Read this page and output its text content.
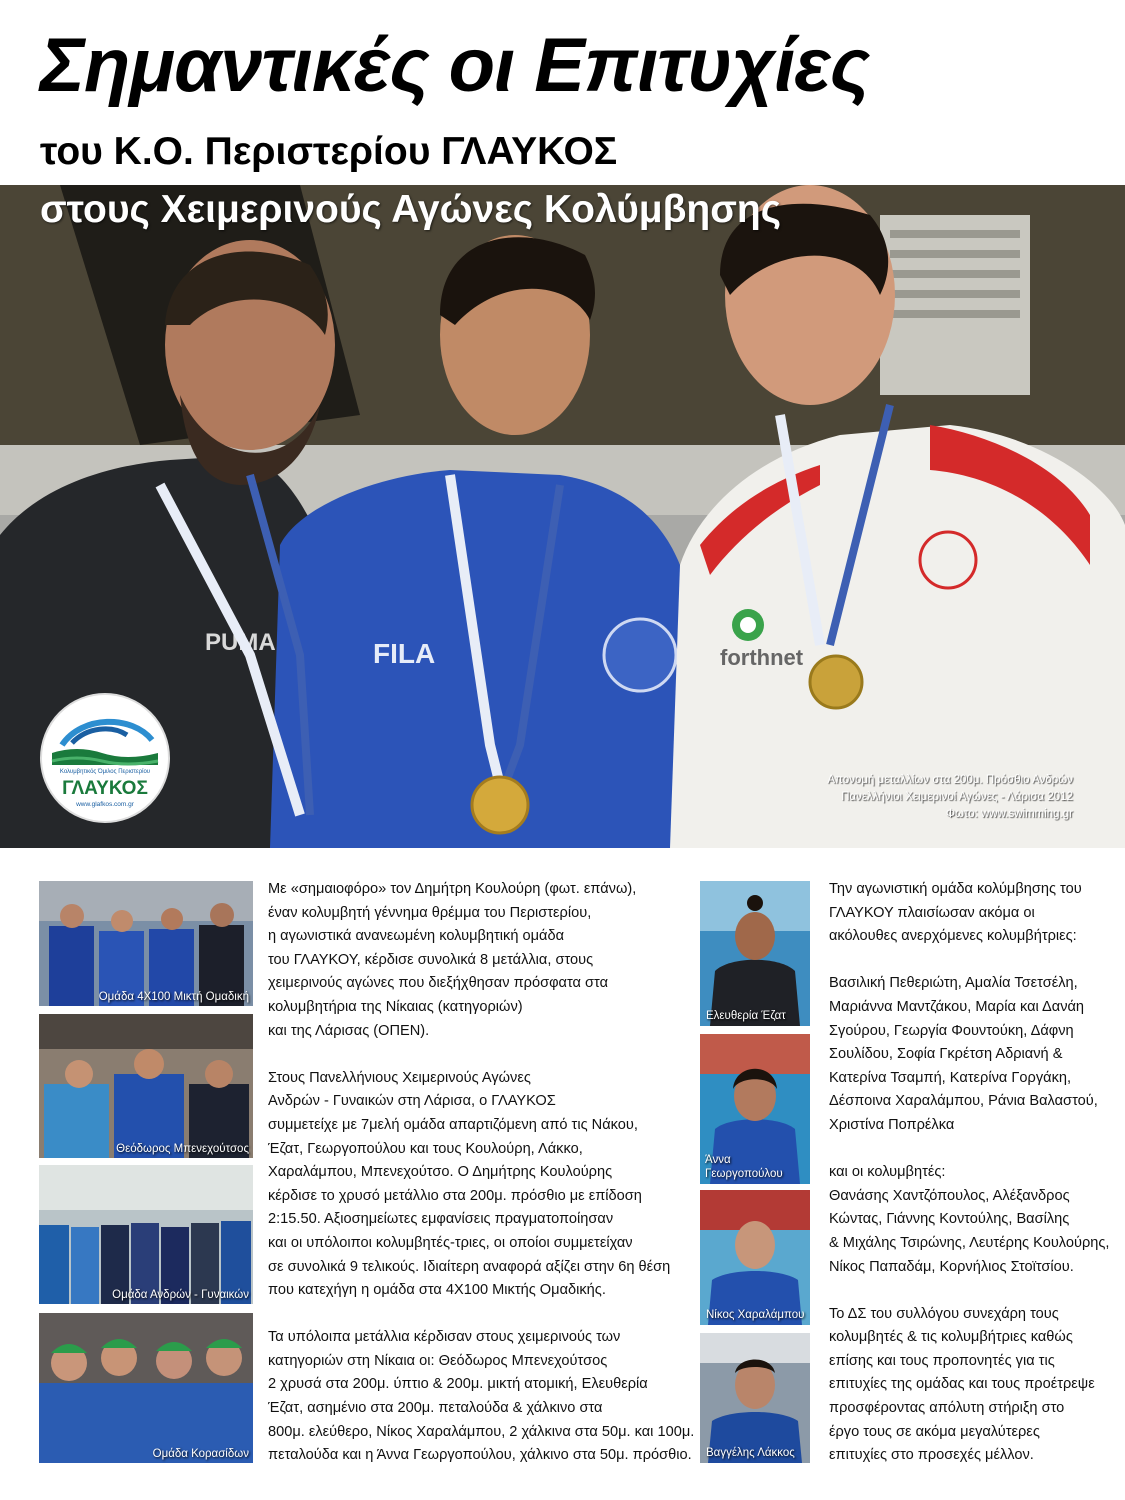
Σημαντικές οι Επιτυχίες
του Κ.Ο. Περιστερίου ΓΛΑΥΚΟΣ
PUMA	FILA	forthnet
στους Χειμερινούς Αγώνες Κολύμβησης
Κολυμβητικός Όμιλος Περιστερίου
ΓΛΑΥΚΟΣ
www.glafkos.com.gr
Απονομή μεταλλίων στα 200μ. Πρόσθιο Ανδρών
Πανελλήνιοι Χειμερινοί Αγώνες - Λάρισα 2012
Φωτο: www.swimming.gr
Ομάδα 4Χ100 Μικτή Ομαδική
Θεόδωρος Μπενεχούτσος
Ομάδα Ανδρών - Γυναικών
Ομάδα Κορασίδων
Με «σημαιοφόρο» τον Δημήτρη Κουλούρη (φωτ. επάνω),
έναν κολυμβητή γέννημα θρέμμα του Περιστερίου,
η αγωνιστικά ανανεωμένη κολυμβητική ομάδα
του ΓΛΑΥΚΟΥ, κέρδισε συνολικά 8 μετάλλια, στους
χειμερινούς αγώνες που διεξήχθησαν πρόσφατα στα
κολυμβητήρια της Νίκαιας (κατηγοριών)
και της Λάρισας (ΟΠΕΝ).
Στους Πανελλήνιους Χειμερινούς Αγώνες
Ανδρών - Γυναικών στη Λάρισα, ο ΓΛΑΥΚΟΣ
συμμετείχε με 7μελή ομάδα απαρτιζόμενη από τις Νάκου,
Έζατ, Γεωργοπούλου και τους Κουλούρη, Λάκκο,
Χαραλάμπου, Μπενεχούτσο. Ο Δημήτρης Κουλούρης
κέρδισε το χρυσό μετάλλιο στα 200μ. πρόσθιο με επίδοση
2:15.50. Αξιοσημείωτες εμφανίσεις πραγματοποίησαν
και οι υπόλοιποι κολυμβητές-τριες, οι οποίοι συμμετείχαν
σε συνολικά 9 τελικούς. Ιδιαίτερη αναφορά αξίζει στην 6η θέση
που κατεχήγη η ομάδα στα 4Χ100 Μικτής Ομαδικής.
Τα υπόλοιπα μετάλλια κέρδισαν στους χειμερινούς των
κατηγοριών στη Νίκαια οι: Θεόδωρος Μπενεχούτσος
2 χρυσά στα 200μ. ύπτιο & 200μ. μικτή ατομική, Ελευθερία
Έζατ, ασημένιο στα 200μ. πεταλούδα & χάλκινο στα
800μ. ελεύθερο, Νίκος Χαραλάμπου, 2 χάλκινα στα 50μ. και 100μ.
πεταλούδα και η Άννα Γεωργοπούλου, χάλκινο στα 50μ. πρόσθιο.
Ελευθερία Έζατ
Άννα
Γεωργοπούλου
Νίκος Χαραλάμπου
Βαγγέλης Λάκκος
Την αγωνιστική ομάδα κολύμβησης του
ΓΛΑΥΚΟΥ πλαισίωσαν ακόμα οι
ακόλουθες ανερχόμενες κολυμβήτριες:
Βασιλική Πεθεριώτη, Αμαλία Τσετσέλη,
Μαριάννα Μαντζάκου, Μαρία και Δανάη
Σγούρου, Γεωργία Φουντούκη, Δάφνη
Σουλίδου, Σοφία Γκρέτση Αδριανή &
Κατερίνα Τσαμπή, Κατερίνα Γοργάκη,
Δέσποινα Χαραλάμπου, Ράνια Βαλαστού,
Χριστίνα Ποπρέλκα
και οι κολυμβητές:
Θανάσης Χαντζόπουλος, Αλέξανδρος
Κώντας, Γιάννης Κοντούλης, Βασίλης
& Μιχάλης Τσιρώνης, Λευτέρης Κουλούρης,
Νίκος Παπαδάμ, Κορνήλιος Στοϊτσίου.
Το ΔΣ του συλλόγου συνεχάρη τους
κολυμβητές & τις κολυμβήτριες καθώς
επίσης και τους προπονητές για τις
επιτυχίες της ομάδας και τους προέτρεψε
προσφέροντας απόλυτη στήριξη στο
έργο τους σε ακόμα μεγαλύτερες
επιτυχίες στο προσεχές μέλλον.
